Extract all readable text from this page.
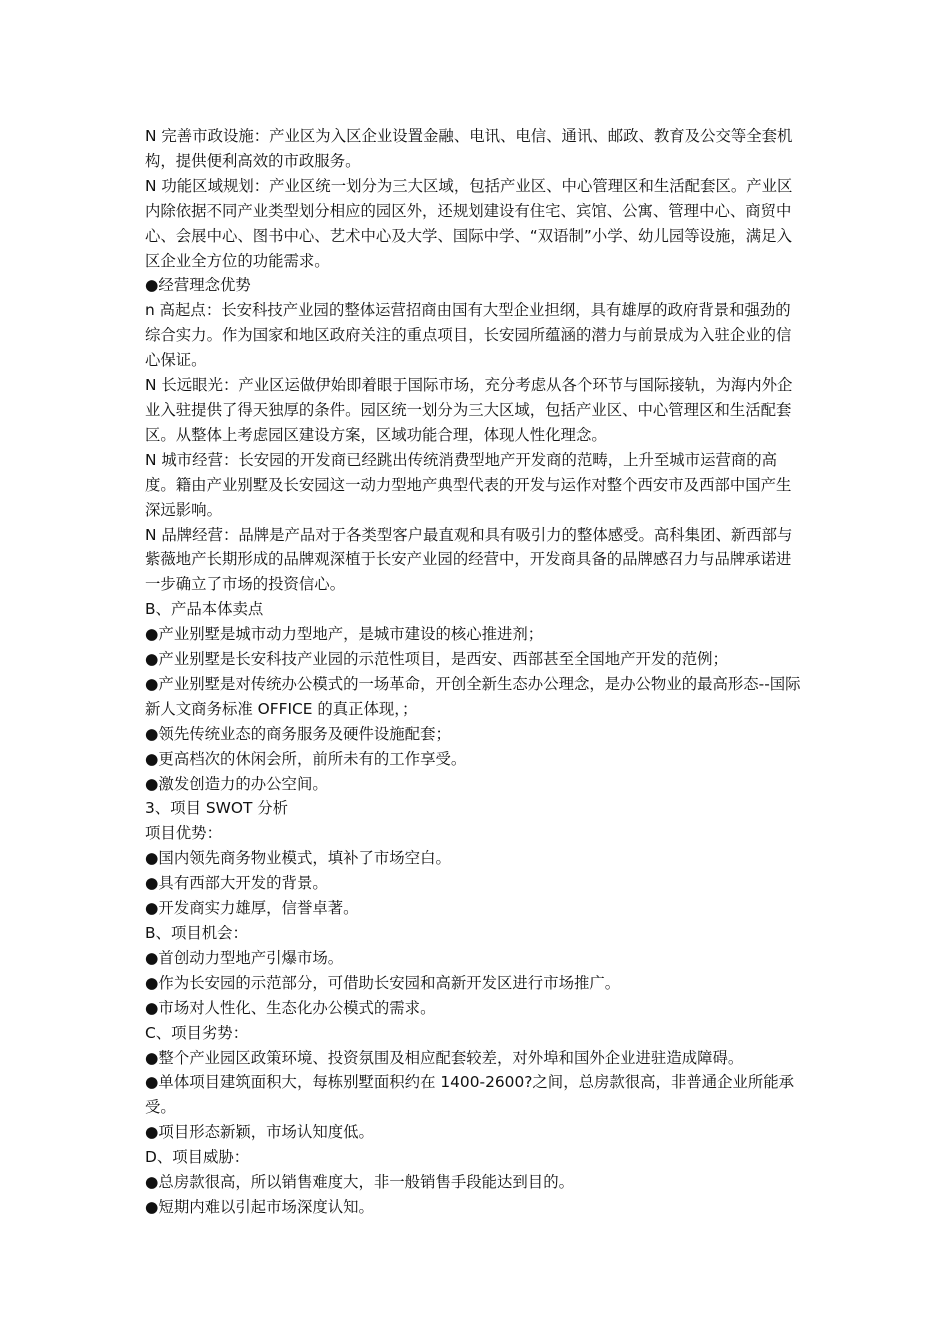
N 完善市政设施：产业区为入区企业设置金融、电讯、电信、通讯、邮政、教育及公交等全套机构，提供便利高效的市政服务。

N 功能区域规划：产业区统一划分为三大区域，包括产业区、中心管理区和生活配套区。产业区内除依据不同产业类型划分相应的园区外，还规划建设有住宅、宾馆、公寓、管理中心、商贸中心、会展中心、图书中心、艺术中心及大学、国际中学、“双语制”小学、幼儿园等设施，满足入区企业全方位的功能需求。

●经营理念优势

n 高起点：长安科技产业园的整体运营招商由国有大型企业担纲，具有雄厚的政府背景和强劲的综合实力。作为国家和地区政府关注的重点项目，长安园所蕴涵的潜力与前景成为入驻企业的信心保证。

N 长远眼光：产业区运做伊始即着眼于国际市场，充分考虑从各个环节与国际接轨，为海内外企业入驻提供了得天独厚的条件。园区统一划分为三大区域，包括产业区、中心管理区和生活配套区。从整体上考虑园区建设方案，区域功能合理，体现人性化理念。

N 城市经营：长安园的开发商已经跳出传统消费型地产开发商的范畴，上升至城市运营商的高度。籍由产业别墅及长安园这一动力型地产典型代表的开发与运作对整个西安市及西部中国产生深远影响。

N 品牌经营：品牌是产品对于各类型客户最直观和具有吸引力的整体感受。高科集团、新西部与紫薇地产长期形成的品牌观深植于长安产业园的经营中，开发商具备的品牌感召力与品牌承诺进一步确立了市场的投资信心。

B、产品本体卖点

●产业别墅是城市动力型地产，是城市建设的核心推进剂；

●产业别墅是长安科技产业园的示范性项目，是西安、西部甚至全国地产开发的范例；

●产业别墅是对传统办公模式的一场革命，开创全新生态办公理念，是办公物业的最高形态--国际新人文商务标准 OFFICE 的真正体现，；

●领先传统业态的商务服务及硬件设施配套；

●更高档次的休闲会所，前所未有的工作享受。

●激发创造力的办公空间。

3、项目 SWOT 分析

项目优势：

●国内领先商务物业模式，填补了市场空白。

●具有西部大开发的背景。

●开发商实力雄厚，信誉卓著。

B、项目机会：

●首创动力型地产引爆市场。

●作为长安园的示范部分，可借助长安园和高新开发区进行市场推广。

●市场对人性化、生态化办公模式的需求。

C、项目劣势：

●整个产业园区政策环境、投资氛围及相应配套较差，对外埠和国外企业进驻造成障碍。

●单体项目建筑面积大，每栋别墅面积约在 1400-2600?之间，总房款很高，非普通企业所能承受。

●项目形态新颖，市场认知度低。

D、项目威胁：

●总房款很高，所以销售难度大，非一般销售手段能达到目的。

●短期内难以引起市场深度认知。
